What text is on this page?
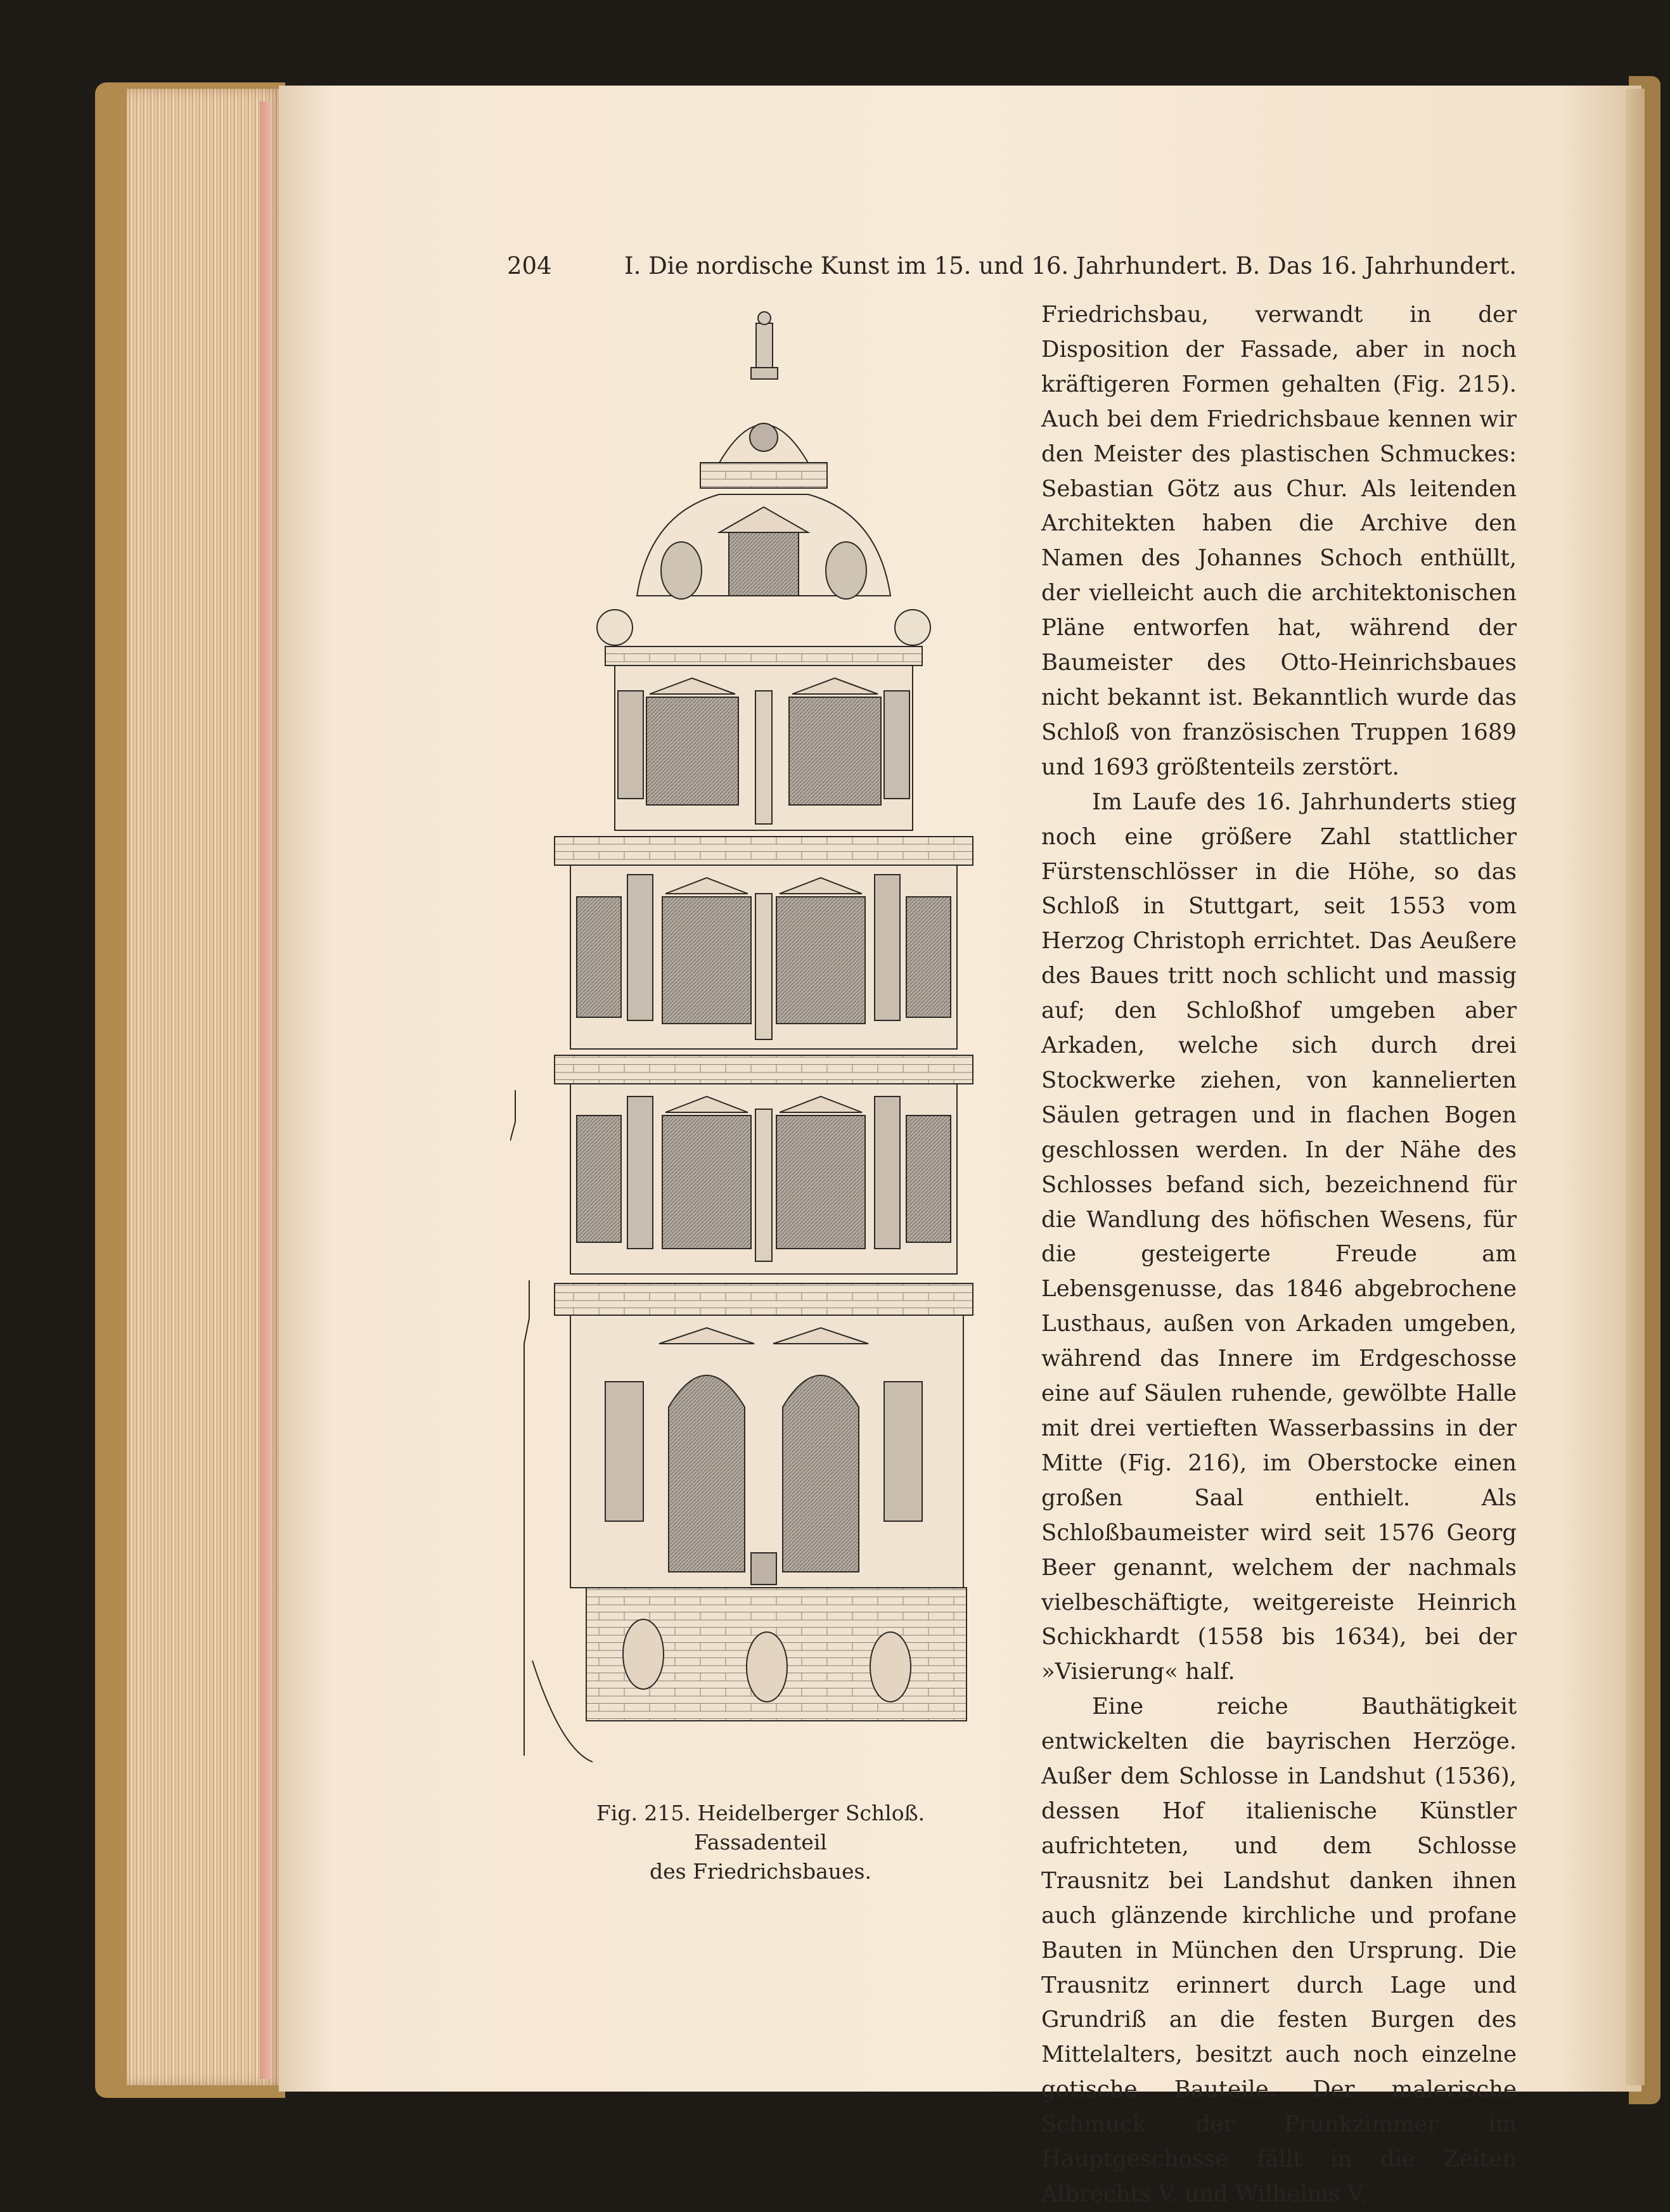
204	I. Die nordische Kunst im 15. und 16. Jahrhundert. B. Das 16. Jahrhundert.

Fig. 215. Heidelberger Schloß. Fassadenteil

des Friedrichsbaues.

Friedrichsbau, verwandt in der Disposition der Fassade, aber in noch kräftigeren Formen gehalten (Fig. 215). Auch bei dem Friedrichsbaue kennen wir den Meister des plastischen Schmuckes: Sebastian Götz aus Chur. Als leitenden Architekten haben die Archive den Namen des Johannes Schoch enthüllt, der vielleicht auch die architektonischen Pläne entworfen hat, während der Baumeister des Otto-Heinrichsbaues nicht bekannt ist. Bekanntlich wurde das Schloß von französischen Truppen 1689 und 1693 größtenteils zerstört.

Im Laufe des 16. Jahrhunderts stieg noch eine größere Zahl stattlicher Fürstenschlösser in die Höhe, so das Schloß in Stuttgart, seit 1553 vom Herzog Christoph errichtet. Das Aeußere des Baues tritt noch schlicht und massig auf; den Schloßhof umgeben aber Arkaden, welche sich durch drei Stockwerke ziehen, von kannelierten Säulen getragen und in flachen Bogen geschlossen werden. In der Nähe des Schlosses befand sich, bezeichnend für die Wandlung des höfischen Wesens, für die gesteigerte Freude am Lebensgenusse, das 1846 abgebrochene Lusthaus, außen von Arkaden umgeben, während das Innere im Erdgeschosse eine auf Säulen ruhende, gewölbte Halle mit drei vertieften Wasserbassins in der Mitte (Fig. 216), im Oberstocke einen großen Saal enthielt. Als Schloßbaumeister wird seit 1576 Georg Beer genannt, welchem der nachmals vielbeschäftigte, weitgereiste Heinrich Schickhardt (1558 bis 1634), bei der »Visierung« half.

Eine reiche Bauthätigkeit entwickelten die bayrischen Herzöge. Außer dem Schlosse in Landshut (1536), dessen Hof italienische Künstler aufrichteten, und dem Schlosse Trausnitz bei Landshut danken ihnen auch glänzende kirchliche und profane Bauten in München den Ursprung. Die Trausnitz erinnert durch Lage und Grundriß an die festen Burgen des Mittelalters, besitzt auch noch einzelne gotische Bauteile. Der malerische Schmuck der Prunkzimmer im Hauptgeschosse fällt in die Zeiten Albrechts V. und Wilhelms V.
